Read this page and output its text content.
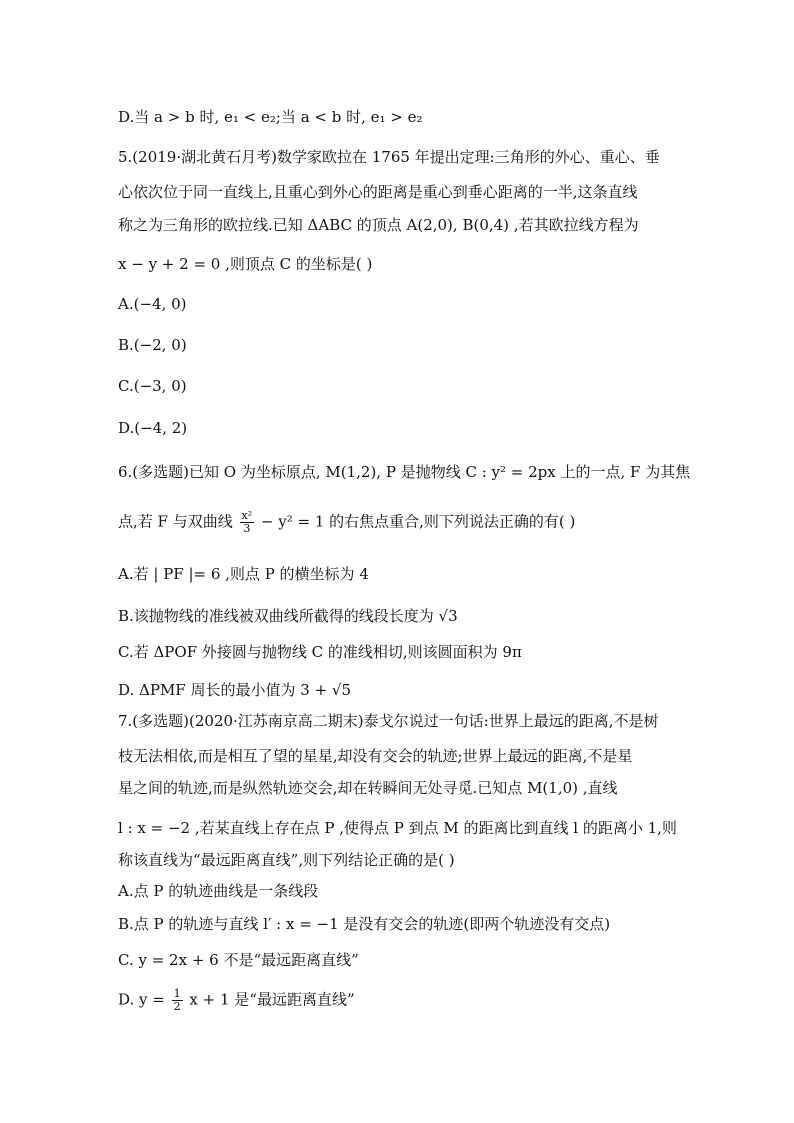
D.当 a > b 时, e₁ < e₂;当 a < b 时, e₁ > e₂
5.(2019·湖北黄石月考)数学家欧拉在 1765 年提出定理:三角形的外心、重心、垂
心依次位于同一直线上,且重心到外心的距离是重心到垂心距离的一半,这条直线
称之为三角形的欧拉线.已知 ΔABC 的顶点 A(2,0), B(0,4) ,若其欧拉线方程为
x − y + 2 = 0 ,则顶点 C 的坐标是( )
A.(−4, 0)
B.(−2, 0)
C.(−3, 0)
D.(−4, 2)
6.(多选题)已知 O 为坐标原点, M(1,2), P 是抛物线 C : y² = 2px 上的一点, F 为其焦
点,若 F 与双曲线 $\frac{\text{x²}}{3} - y^2 = 1$ 的右焦点重合,则下列说法正确的有( )
A.若 | PF |= 6 ,则点 P 的横坐标为 4
B.该抛物线的准线被双曲线所截得的线段长度为 √3
C.若 ΔPOF 外接圆与抛物线 C 的准线相切,则该圆面积为 9π
D. ΔPMF 周长的最小值为 3 + √5
7.(多选题)(2020·江苏南京高二期末)泰戈尔说过一句话:世界上最远的距离,不是树
枝无法相依,而是相互了望的星星,却没有交会的轨迹;世界上最远的距离,不是星
星之间的轨迹,而是纵然轨迹交会,却在转瞬间无处寻觅.已知点 M(1,0) ,直线
l : x = −2 ,若某直线上存在点 P ,使得点 P 到点 M 的距离比到直线 l 的距离小 1,则
称该直线为“最远距离直线”,则下列结论正确的是( )
A.点 P 的轨迹曲线是一条线段
B.点 P 的轨迹与直线 l′ : x = −1 是没有交会的轨迹(即两个轨迹没有交点)
C. y = 2x + 6 不是“最远距离直线”
D. $y = \frac{1}{2}$ x + 1 是“最远距离直线”
